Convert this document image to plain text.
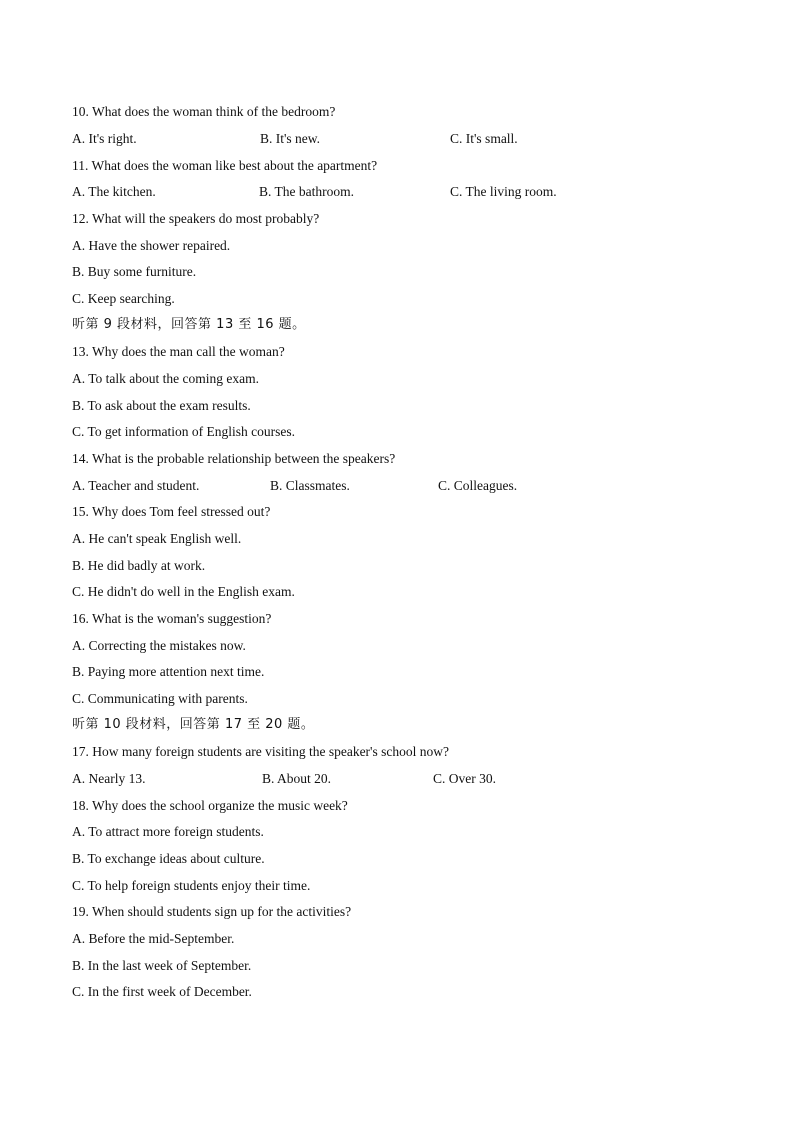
10. What does the woman think of the bedroom?
A. It's right.	B. It's new.	C. It's small.
11. What does the woman like best about the apartment?
A. The kitchen.	B. The bathroom.	C. The living room.
12. What will the speakers do most probably?
A. Have the shower repaired.
B. Buy some furniture.
C. Keep searching.
听第 9 段材料，回答第 13 至 16 题。
13. Why does the man call the woman?
A. To talk about the coming exam.
B. To ask about the exam results.
C. To get information of English courses.
14. What is the probable relationship between the speakers?
A. Teacher and student.	B. Classmates.	C. Colleagues.
15. Why does Tom feel stressed out?
A. He can't speak English well.
B. He did badly at work.
C. He didn't do well in the English exam.
16. What is the woman's suggestion?
A. Correcting the mistakes now.
B. Paying more attention next time.
C. Communicating with parents.
听第 10 段材料，回答第 17 至 20 题。
17. How many foreign students are visiting the speaker's school now?
A. Nearly 13.	B. About 20.	C. Over 30.
18. Why does the school organize the music week?
A. To attract more foreign students.
B. To exchange ideas about culture.
C. To help foreign students enjoy their time.
19. When should students sign up for the activities?
A. Before the mid-September.
B. In the last week of September.
C. In the first week of December.
